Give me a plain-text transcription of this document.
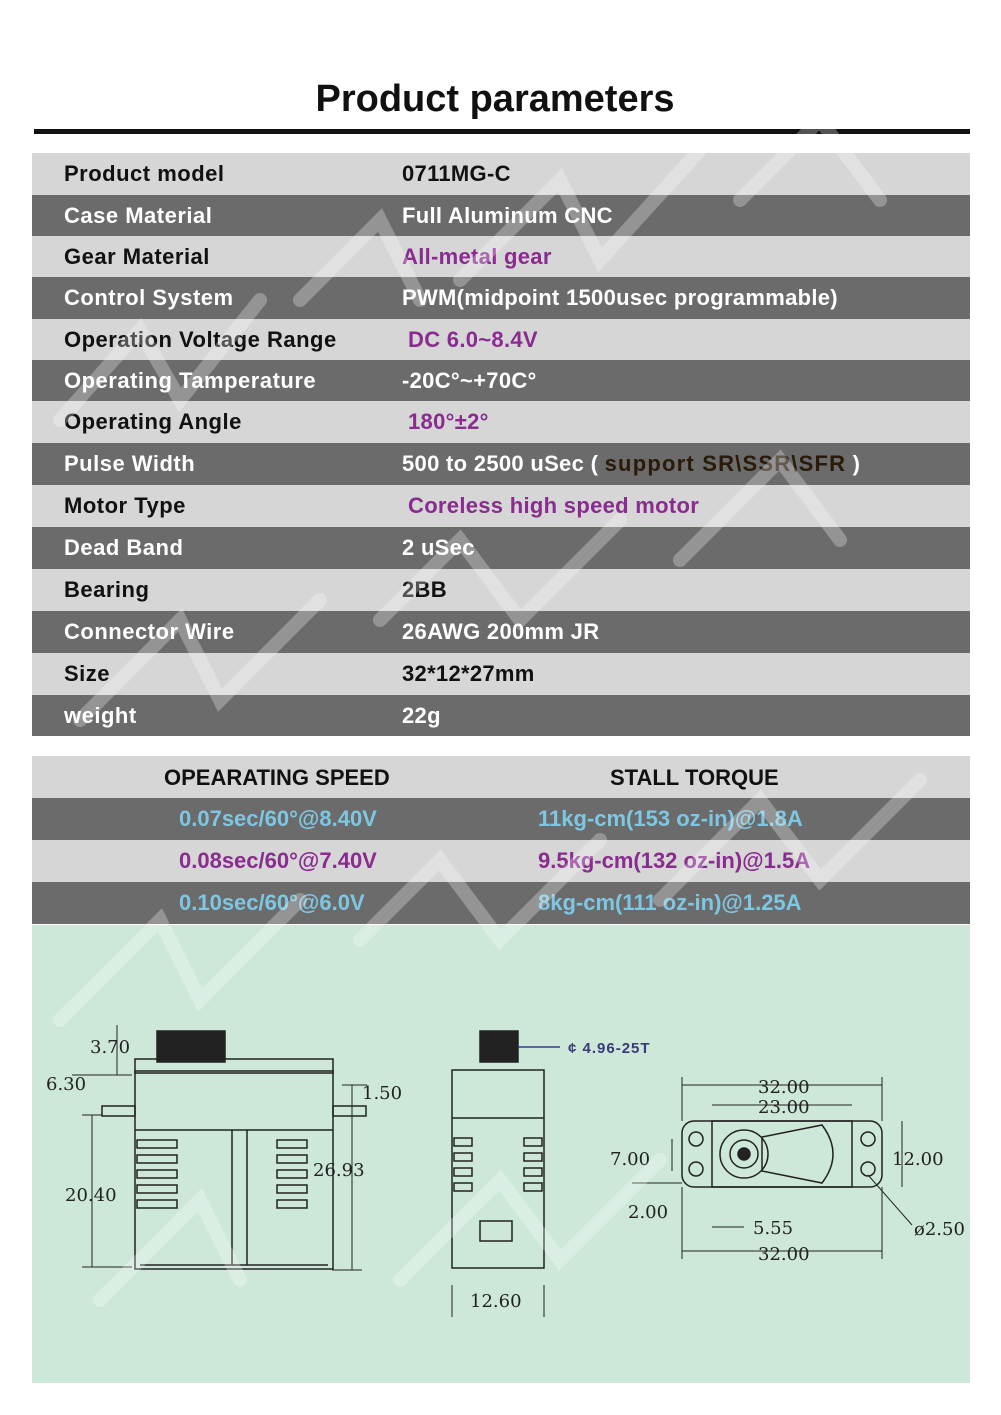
Product parameters
Product model	0711MG-C
Case Material	Full Aluminum CNC
Gear Material	All-metal gear
Control System	PWM(midpoint 1500usec programmable)
Operation Voltage Range	DC 6.0~8.4V
Operating Tamperature	-20C°~+70C°
Operating Angle	180°±2°
Pulse Width	500 to 2500 uSec ( support SR\SSR\SFR )
Motor Type	Coreless high speed motor
Dead Band	2 uSec
Bearing	2BB
Connector Wire	26AWG 200mm JR
Size	32*12*27mm
weight	22g
OPEARATING SPEED	STALL TORQUE
0.07sec/60°@8.40V	11kg-cm(153 oz-in)@1.8A
0.08sec/60°@7.40V	9.5kg-cm(132 oz-in)@1.5A
0.10sec/60°@6.0V	8kg-cm(111 oz-in)@1.25A
3.70
6.30	1.50
20.40
26.93
¢ 4.96-25T
12.60
32.00
23.00
7.00	12.00
2.00
5.55
32.00
ø2.50
